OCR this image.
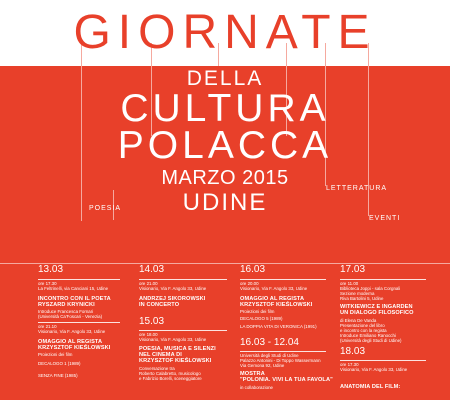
GIORNATE
DELLA
CULTURA
POLACCA
MARZO 2015
UDINE
POESIA
LETTERATURA
EVENTI
13.03
ore 17.30
La Feltrinelli, via Canciani 15, Udine
INCONTRO CON IL POETA
RYSZARD KRYNICKI
Introduce Francesca Fornari
(Università Ca'Foscari - Venezia)
ore 21.10
Visionario, Via F. Angolo 33, Udine
OMAGGIO AL REGISTA
KRZYSZTOF KIEŚLOWSKI
Proiezioni dei film
DECALOGO 1 (1989)
SENZA FINE (1985)
14.03
ore 21.00
Visionario, Via F. Angolo 33, Udine
ANDRZEJ SIKOROWSKI
IN CONCERTO
15.03
ore 18.00
Visionario, Via F. Angolo 33, Udine
POESIA, MUSICA E SILENZI
NEL CINEMA DI
KRZYSZTOF KIEŚLOWSKI
Conversazione tra
Roberto Calabretto, musicologo
e Fabrizio Borelli, sceneggiatore
16.03
ore 20.00
Visionario, Via F. Angolo 33, Udine
OMAGGIO AL REGISTA
KRZYSZTOF KIEŚLOWSKI
Proiezioni dei film
DECALOGO 5 (1989)
LA DOPPIA VITA DI VERONICA (1991)
16.03 - 12.04
Università degli Studi di Udine
Palazzo Antonini - Di Toppo Wassermann
Via Gemona 92, Udine
MOSTRA
"POLONIA. VIVI LA TUA FAVOLA"
in collaborazione
17.03
ore 11.00
Biblioteca Joppi - sala Corgnali
Sezione moderna
Riva Bartolini 5, Udine
WITKIEWICZ E INGARDEN
UN DIALOGO FILOSOFICO
di Elena De Vanda
Presentazione del libro
e incontro con la regista
Introduce Emiliano Ranocchi
(Università degli Studi di Udine)
18.03
ore 17.30
Visionario, Via F. Angolo 33, Udine
ANATOMIA DEL FILM:
